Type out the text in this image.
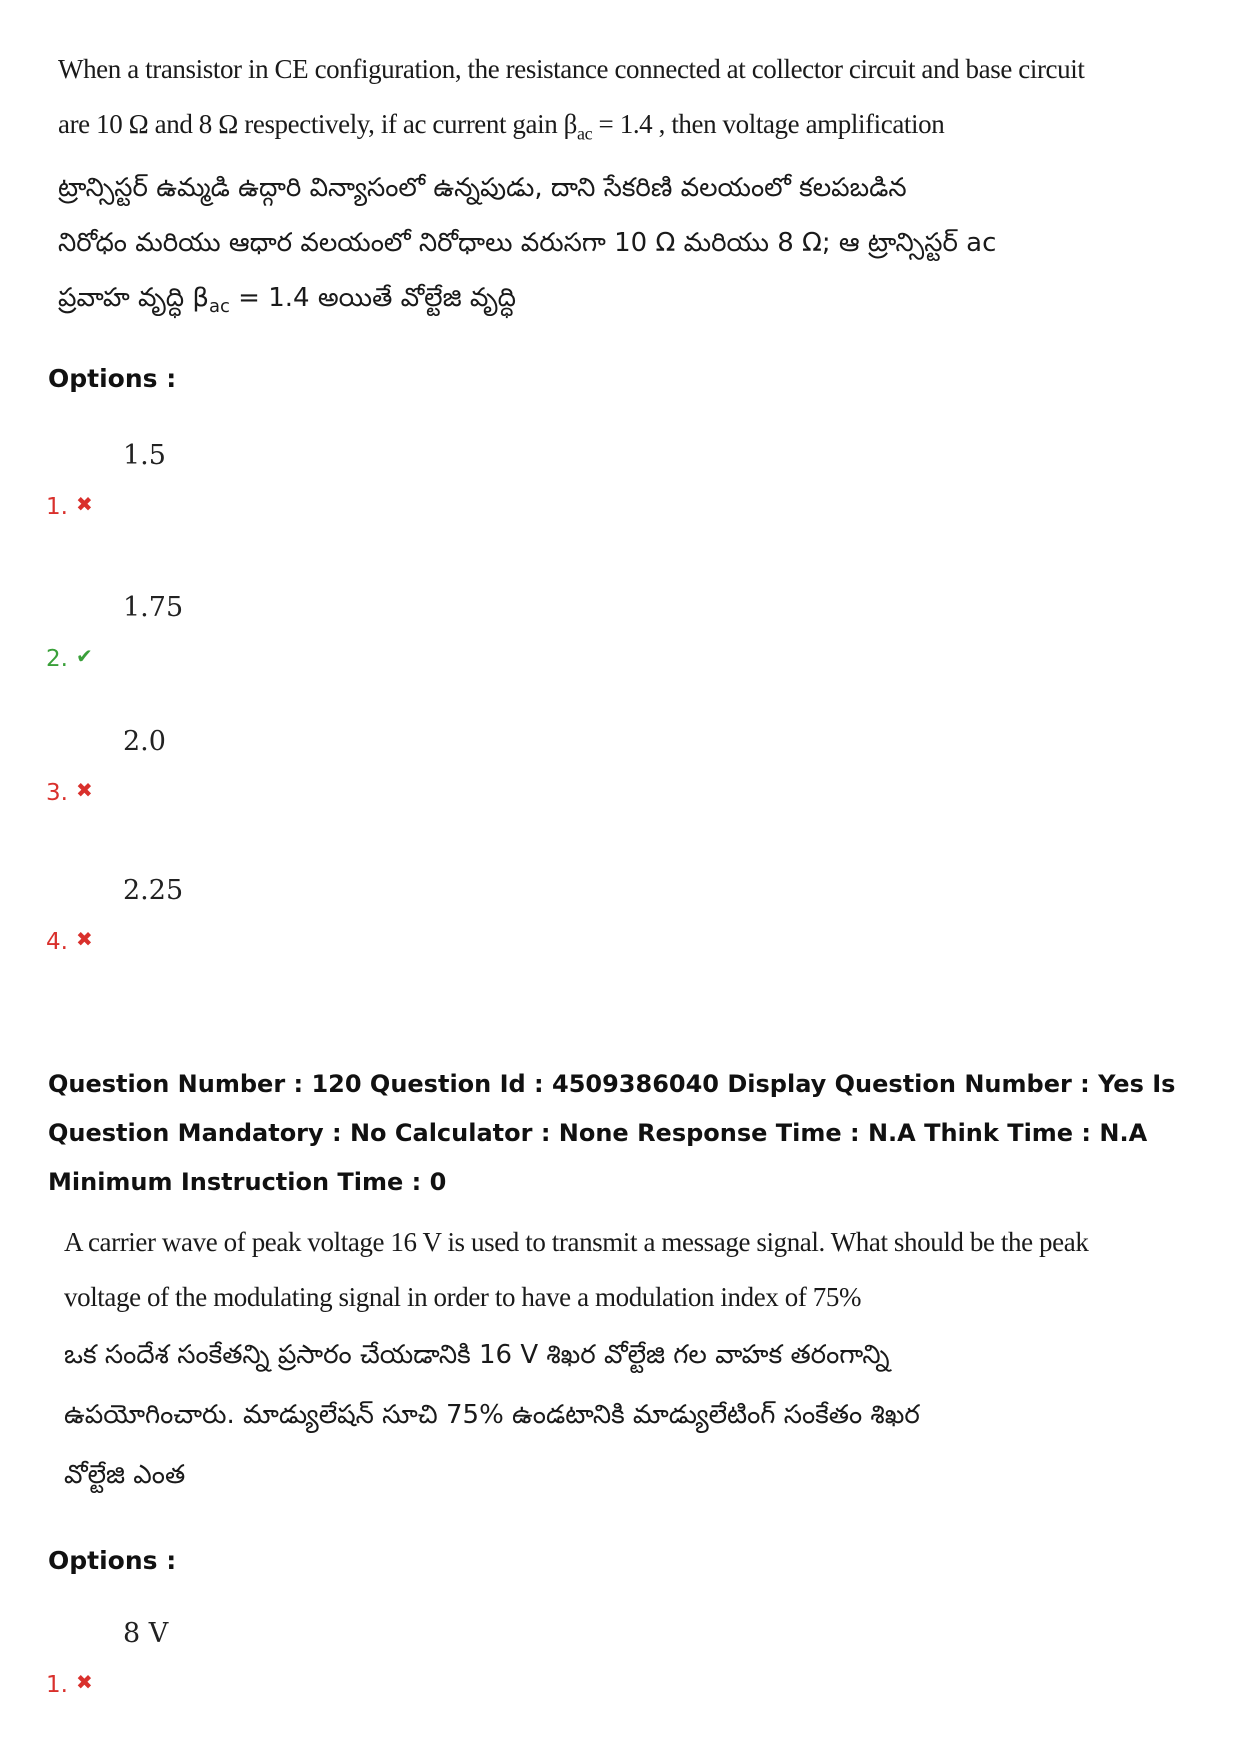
When a transistor in CE configuration, the resistance connected at collector circuit and base circuit

are 10 Ω and 8 Ω respectively, if ac current gain $\beta_{ac} = 1.4$ , then voltage amplification

ట్రాన్సిస్టర్ ఉమ్మడి ఉద్గారి విన్యాసంలో ఉన్నపుడు, దాని సేకరిణి వలయంలో కలపబడిన

నిరోధం మరియు ఆధార వలయంలో నిరోధాలు వరుసగా 10 Ω మరియు 8 Ω; ఆ ట్రాన్సిస్టర్ ac

ప్రవాహ వృద్ధి $\beta_{ac} = 1.4$ అయితే వోల్టేజి వృద్ధి

Options :
1. ✖
1.5
2. ✔
1.75
3. ✖
2.0
4. ✖
2.25
Question Number : 120 Question Id : 4509386040 Display Question Number : Yes Is Question Mandatory : No Calculator : None Response Time : N.A Think Time : N.A Minimum Instruction Time : 0

A carrier wave of peak voltage 16 V is used to transmit a message signal. What should be the peak

voltage of the modulating signal in order to have a modulation index of 75%

ఒక సందేశ సంకేతన్ని ప్రసారం చేయడానికి 16 V శిఖర వోల్టేజి గల వాహక తరంగాన్ని

ఉపయోగించారు. మాడ్యులేషన్ సూచి 75% ఉండటానికి మాడ్యులేటింగ్ సంకేతం శిఖర

వోల్టేజి ఎంత

Options :
1. ✖
8 V
